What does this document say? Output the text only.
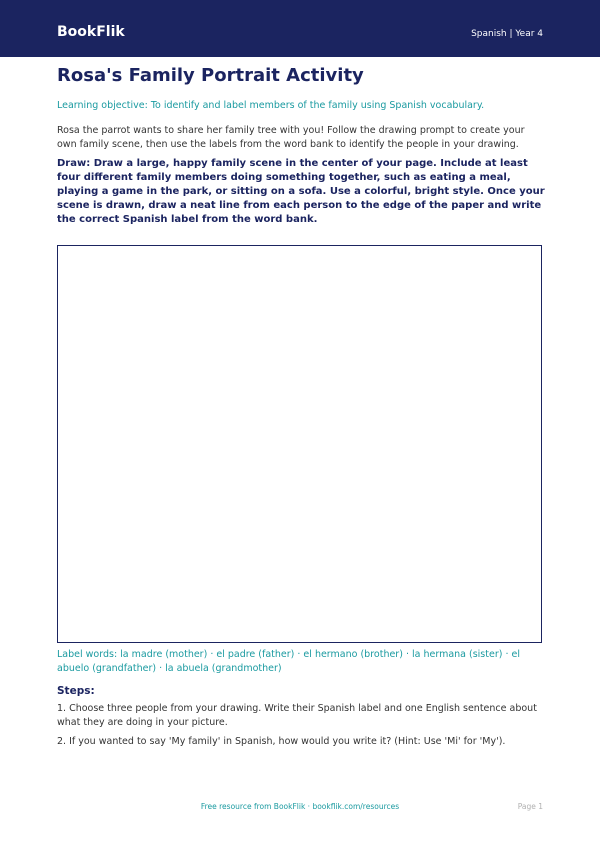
BookFlik	Spanish | Year 4
Rosa's Family Portrait Activity
Learning objective: To identify and label members of the family using Spanish vocabulary.
Rosa the parrot wants to share her family tree with you! Follow the drawing prompt to create your own family scene, then use the labels from the word bank to identify the people in your drawing.
Draw: Draw a large, happy family scene in the center of your page. Include at least four different family members doing something together, such as eating a meal, playing a game in the park, or sitting on a sofa. Use a colorful, bright style. Once your scene is drawn, draw a neat line from each person to the edge of the paper and write the correct Spanish label from the word bank.
Label words: la madre (mother) · el padre (father) · el hermano (brother) · la hermana (sister) · el abuelo (grandfather) · la abuela (grandmother)
Steps:
1. Choose three people from your drawing. Write their Spanish label and one English sentence about what they are doing in your picture.
2. If you wanted to say 'My family' in Spanish, how would you write it? (Hint: Use 'Mi' for 'My').
Free resource from BookFlik · bookflik.com/resources	Page 1
